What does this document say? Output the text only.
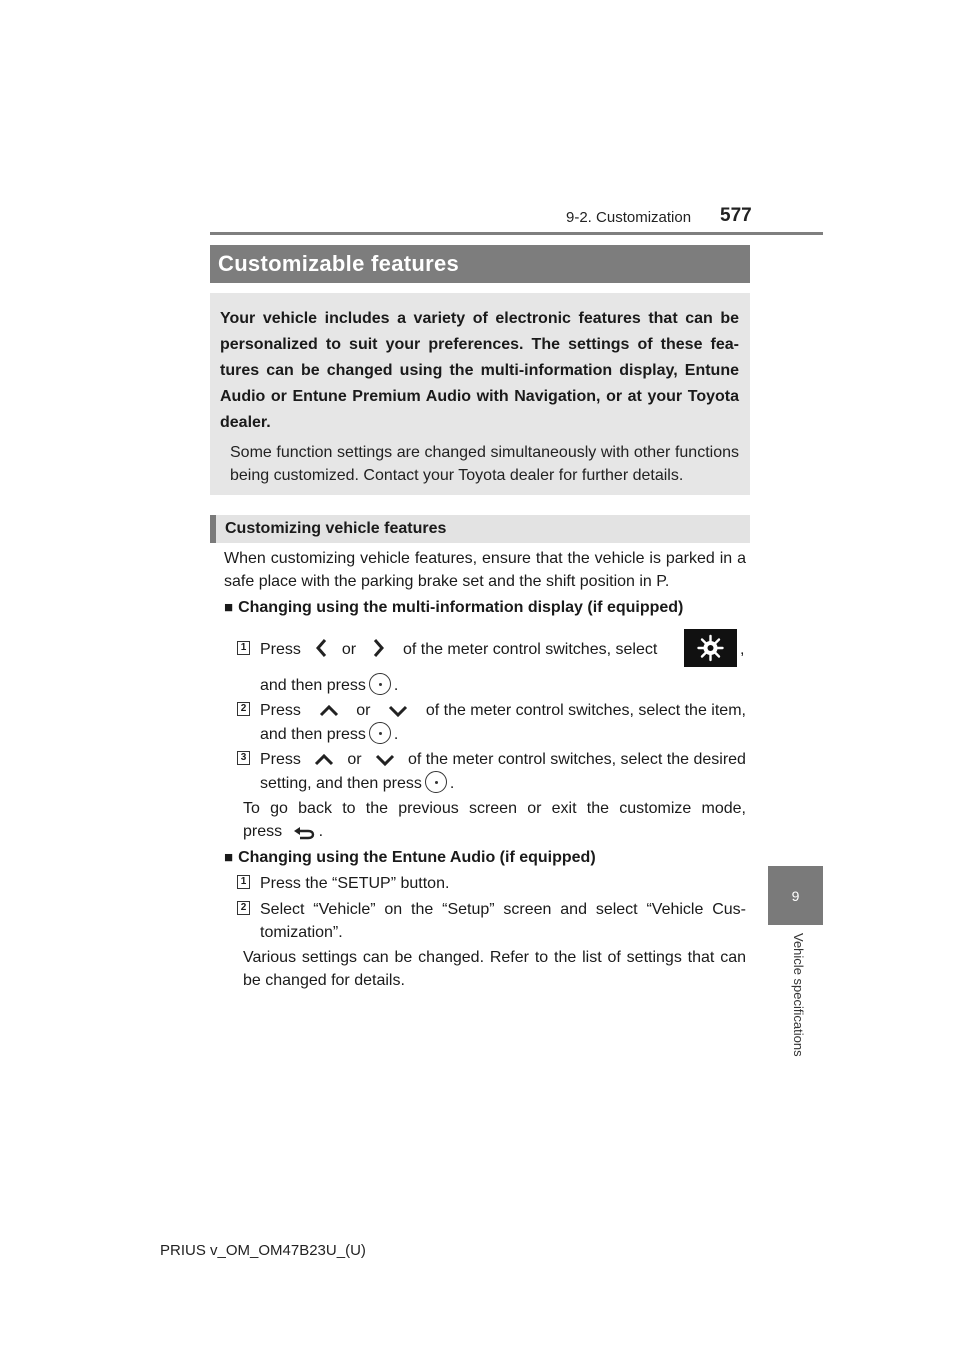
9-2. Customization 577
Customizable features
Your vehicle includes a variety of electronic features that can be personalized to suit your preferences. The settings of these features can be changed using the multi-information display, Entune Audio or Entune Premium Audio with Navigation, or at your Toyota dealer.
Some function settings are changed simultaneously with other functions being customized. Contact your Toyota dealer for further details.
Customizing vehicle features
When customizing vehicle features, ensure that the vehicle is parked in a safe place with the parking brake set and the shift position in P.
■ Changing using the multi-information display (if equipped)
1 Press	or	of the meter control switches, select	,
and then press .
2 Press	or	of the meter control switches, select the item,
and then press .
3 Press	or	of the meter control switches, select the desired
setting, and then press .
To go back to the previous screen or exit the customize mode,
press .
■ Changing using the Entune Audio (if equipped)
1 Press the “SETUP” button.
2 Select “Vehicle” on the “Setup” screen and select “Vehicle Customization”.
Various settings can be changed. Refer to the list of settings that can be changed for details.
9
Vehicle specifications
PRIUS v_OM_OM47B23U_(U)
